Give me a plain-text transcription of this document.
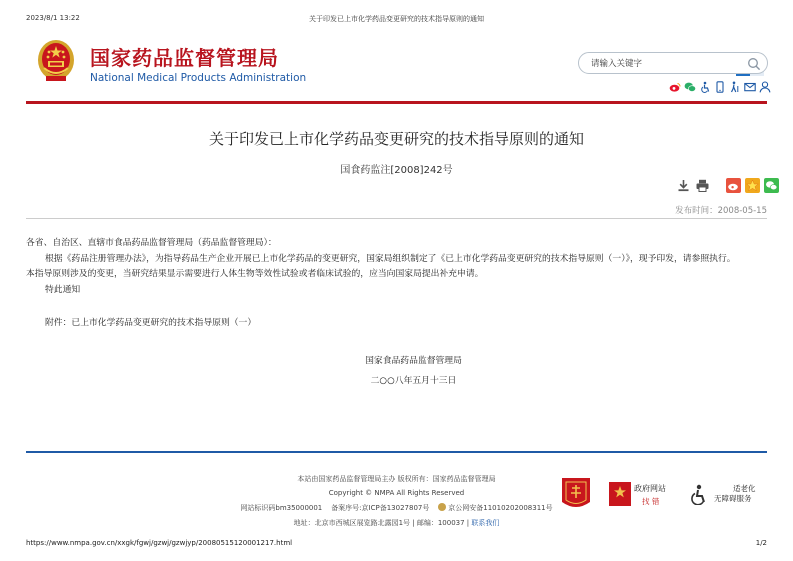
2023/8/1 13:22	关于印发已上市化学药品变更研究的技术指导原则的通知
国家药品监督管理局
National Medical Products Administration
请输入关键字
关于印发已上市化学药品变更研究的技术指导原则的通知
国食药监注[2008]242号
发布时间：2008-05-15

各省、自治区、直辖市食品药品监督管理局（药品监督管理局）：

根据《药品注册管理办法》，为指导药品生产企业开展已上市化学药品的变更研究，国家局组织制定了《已上市化学药品变更研究的技术指导原则（一）》，现予印发，请参照执行。

本指导原则涉及的变更，当研究结果显示需要进行人体生物等效性试验或者临床试验的，应当向国家局提出补充申请。

特此通知

附件：已上市化学药品变更研究的技术指导原则（一）

国家食品药品监督管理局

二○○八年五月十三日

本站由国家药品监督管理局主办 版权所有：国家药品监督管理局
Copyright © NMPA All Rights Reserved
网站标识码bm35000001 备案序号:京ICP备13027807号	京公网安备11010202008311号
地址：北京市西城区展览路北露园1号 | 邮编：100037 | 联系我们
政府网站
找 错
适老化
无障碍服务
https://www.nmpa.gov.cn/xxgk/fgwj/gzwj/gzwjyp/20080515120001217.html	1/2
